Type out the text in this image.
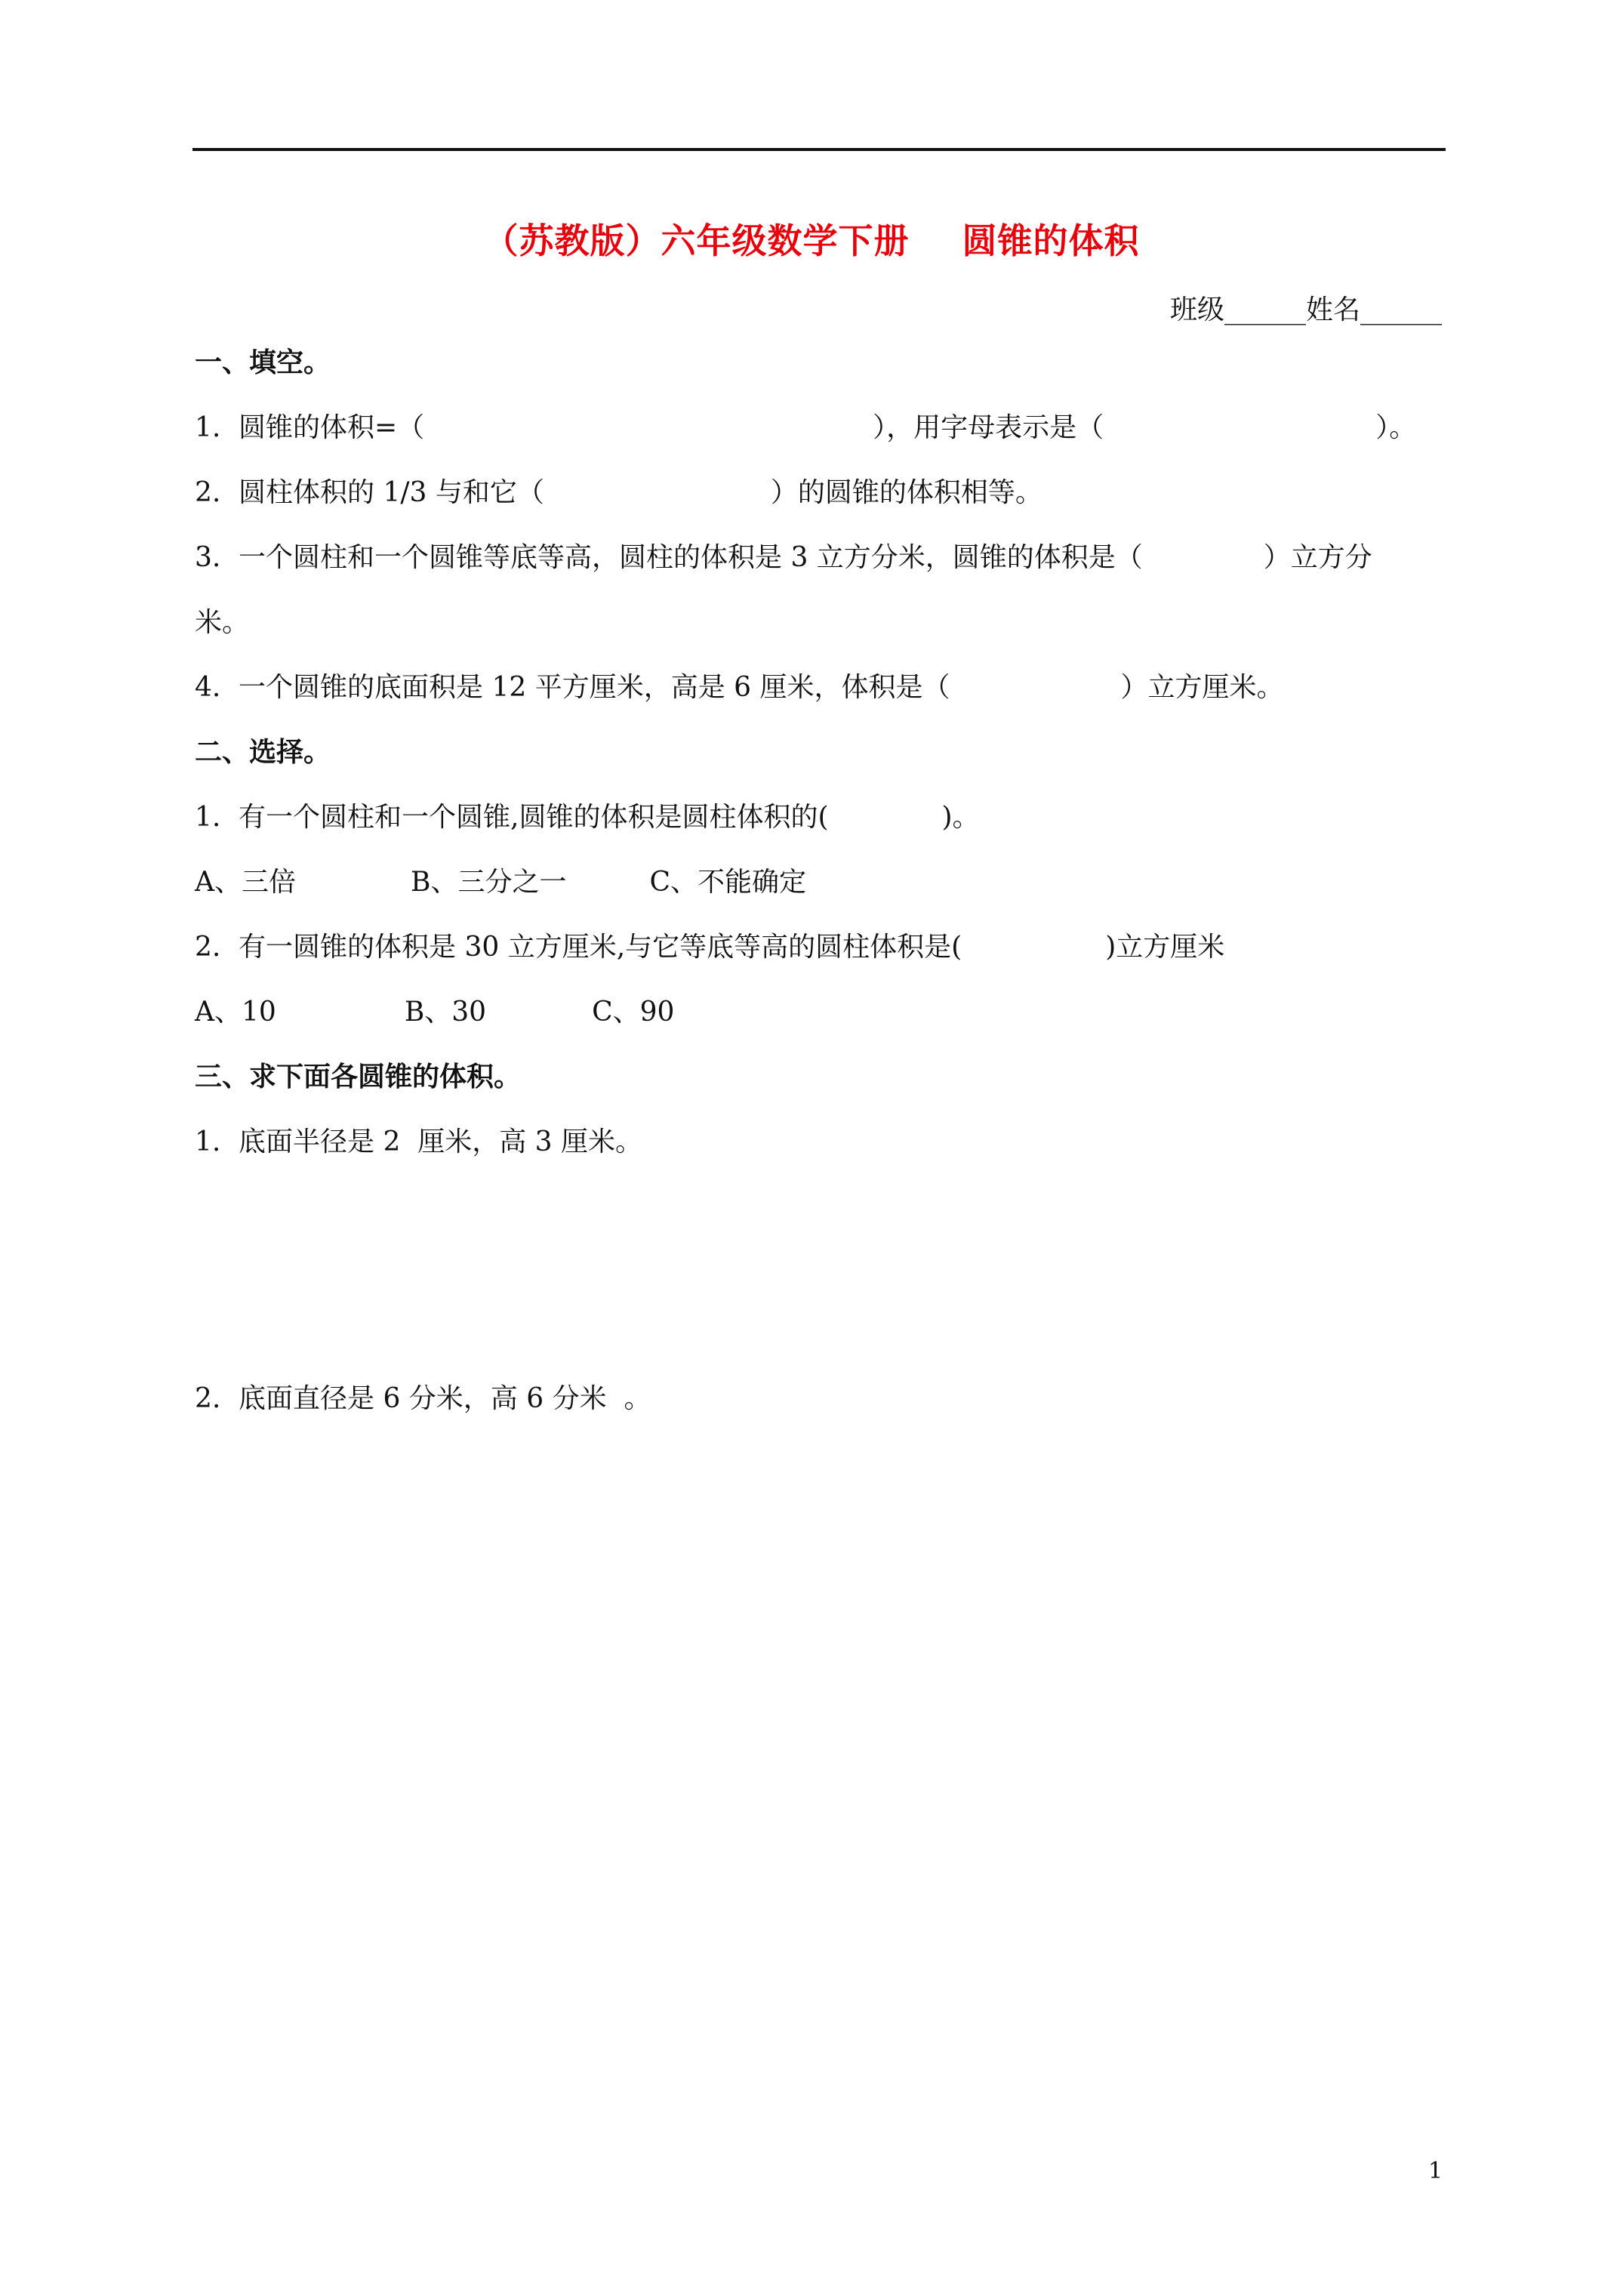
（苏教版）六年级数学下册 圆锥的体积
班级______姓名______
一、填空。
1. 圆锥的体积=（	），用字母表示是（	）。
2. 圆柱体积的 1/3 与和它（	）的圆锥的体积相等。
3. 一个圆柱和一个圆锥等底等高，圆柱的体积是 3 立方分米，圆锥的体积是（	）立方分
米。
4. 一个圆锥的底面积是 12 平方厘米，高是 6 厘米，体积是（	）立方厘米。
二、选择。
1. 有一个圆柱和一个圆锥,圆锥的体积是圆柱体积的(	)。
A、三倍	B、三分之一	C、不能确定
2. 有一圆锥的体积是 30 立方厘米,与它等底等高的圆柱体积是(	)立方厘米
A、10	B、30	C、90
三、求下面各圆锥的体积。
1. 底面半径是 2  厘米，高 3 厘米。
2. 底面直径是 6 分米，高 6 分米  。
1
